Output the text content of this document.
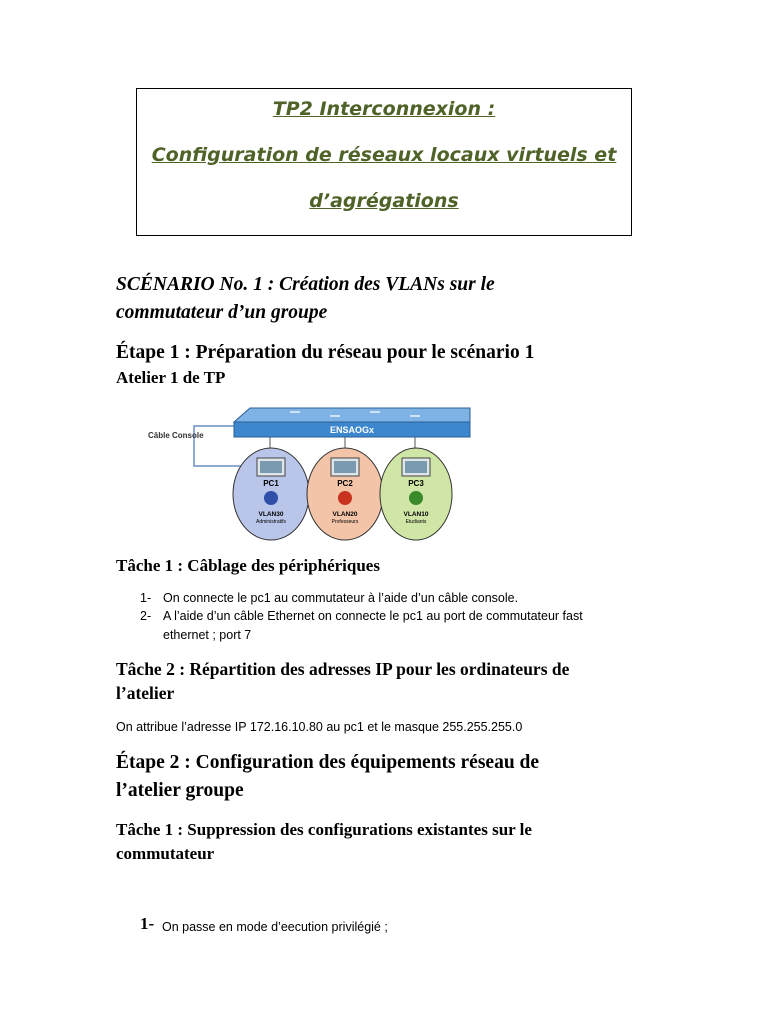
TP2 Interconnexion :
Configuration de réseaux locaux virtuels et
d’agrégations
SCÉNARIO No. 1 : Création des VLANs sur le
commutateur d’un groupe
Étape 1 : Préparation du réseau pour le scénario 1
Atelier 1 de TP
Câble Console
ENSAOGx
PC1
VLAN30
Administratifs
PC2
VLAN20
Professeurs
PC3
VLAN10
Etudiants
Tâche 1 : Câblage des périphériques
1- On connecte le pc1 au commutateur à l’aide d’un câble console.
2- A l’aide d’un câble Ethernet on connecte le pc1 au port de commutateur fast
ethernet ; port 7
Tâche 2 : Répartition des adresses IP pour les ordinateurs de
l’atelier
On attribue l’adresse IP 172.16.10.80 au pc1 et le masque 255.255.255.0
Étape 2 : Configuration des équipements réseau de
l’atelier groupe
Tâche 1 : Suppression des configurations existantes sur le
commutateur
1- On passe en mode d’eecution privilégié ;
